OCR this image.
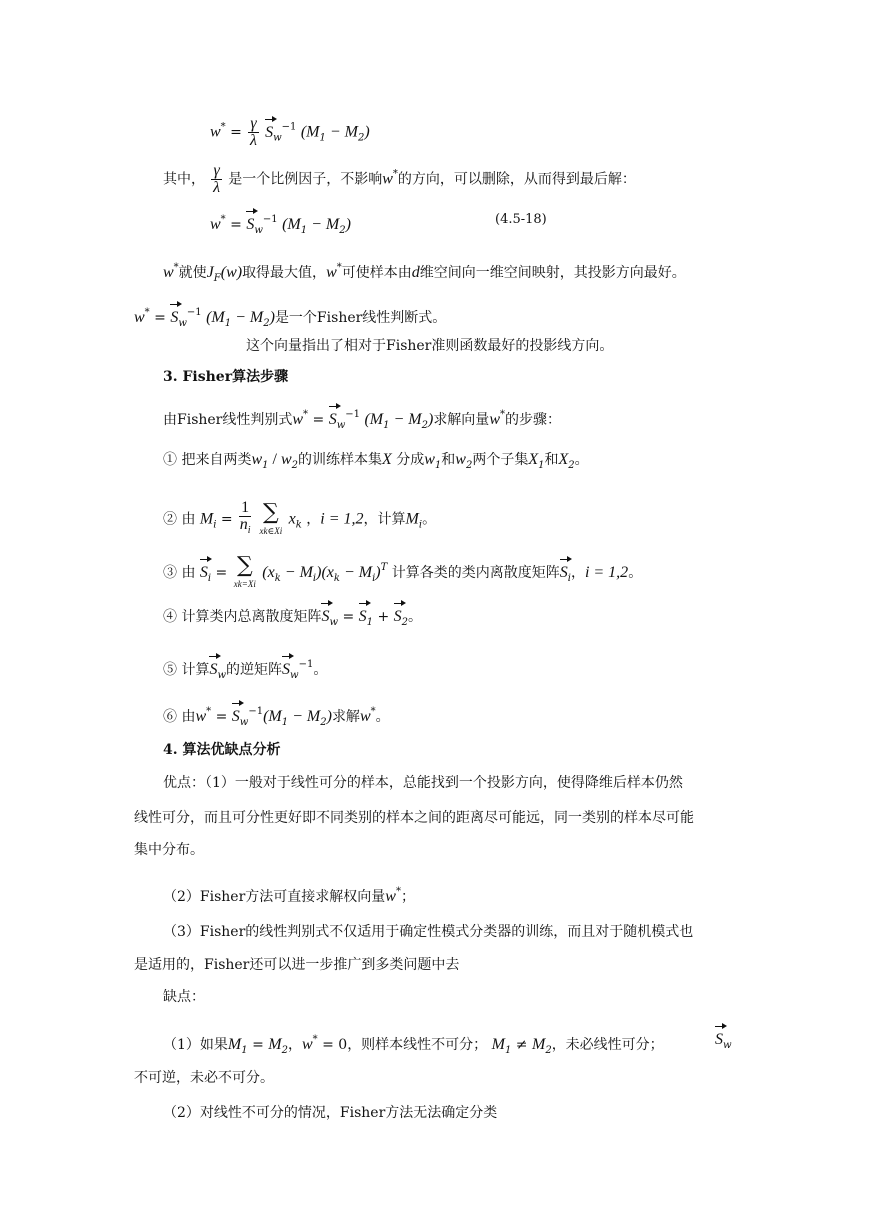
$w^* = \frac{\gamma}{\lambda} S_w^{-1}$ $(M_1 - M_2)$
其中， $\frac{\gamma}{\lambda}$ 是一个比例因子，不影响w*的方向，可以删除，从而得到最后解：
$w^* = S_w^{-1}$ $(M_1 - M_2)$	(4.5-18)
w*就使$J_F(w)$取得最大值，w*可使样本由d维空间向一维空间映射，其投影方向最好。
$w^* = S_w^{-1}$ $(M_1 - M_2)$是一个Fisher线性判断式。
这个向量指出了相对于Fisher准则函数最好的投影线方向。
3. Fisher算法步骤
由Fisher线性判别式$w^* = S_w^{-1}$ $(M_1 - M_2)$求解向量w*的步骤：
① 把来自两类$w_1 / w_2$的训练样本集X 分成$w_1$和$w_2$两个子集$X_1$和$X_2$。
② 由 $M_i = \frac{1}{n_i}$
∑
xk∈Xi
$x_k$ ，i = 1,2，计算$M_i$。
③ 由 $S_i$ = ∑
xk=Xi
$(x_k - M_i)(x_k - M_i)^T$ 计算各类的类内离散度矩阵$S_i$，i = 1,2。
④ 计算类内总离散度矩阵$S_w = S_1 + S_2$。
⑤ 计算$S_w$的逆矩阵$S_w^{-1}$。
⑥ 由$w^* = S_w^{-1}(M_1 - M_2)$求解w*。
4. 算法优缺点分析
优点：（1）一般对于线性可分的样本，总能找到一个投影方向，使得降维后样本仍然
线性可分，而且可分性更好即不同类别的样本之间的距离尽可能远，同一类别的样本尽可能
集中分布。
（2）Fisher方法可直接求解权向量w*；
（3）Fisher的线性判别式不仅适用于确定性模式分类器的训练，而且对于随机模式也
是适用的，Fisher还可以进一步推广到多类问题中去
缺点：
（1）如果$M_1 = M_2$，w* = 0，则样本线性不可分； $M_1 \ne M_2$，未必线性可分；	$S_w$
不可逆，未必不可分。
（2）对线性不可分的情况，Fisher方法无法确定分类
